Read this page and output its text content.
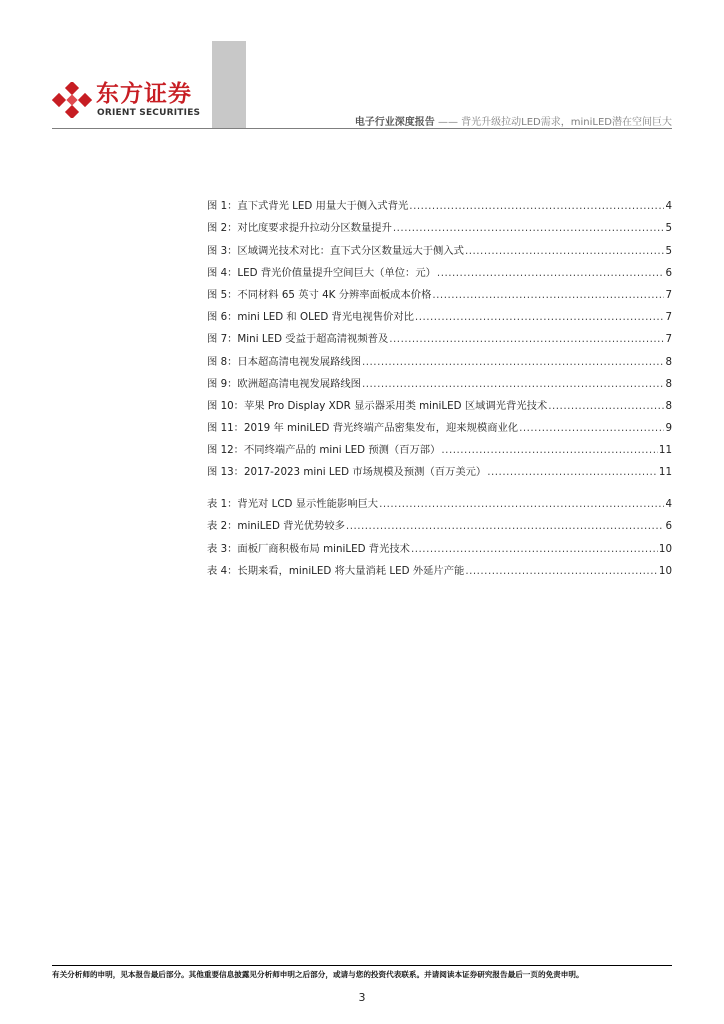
东方证券
ORIENT SECURITIES
电子行业深度报告 —— 背光升级拉动LED需求，miniLED潜在空间巨大
图 1：直下式背光 LED 用量大于侧入式背光 .....	4
图 2：对比度要求提升拉动分区数量提升 .....	5
图 3：区域调光技术对比：直下式分区数量远大于侧入式 .....	5
图 4：LED 背光价值量提升空间巨大（单位：元） .....	6
图 5：不同材料 65 英寸 4K 分辨率面板成本价格 .....	7
图 6：mini LED 和 OLED 背光电视售价对比 .....	7
图 7：Mini LED 受益于超高清视频普及 .....	7
图 8：日本超高清电视发展路线图 .....	8
图 9：欧洲超高清电视发展路线图 .....	8
图 10：苹果 Pro Display XDR 显示器采用类 miniLED 区域调光背光技术 .....	8
图 11：2019 年 miniLED 背光终端产品密集发布，迎来规模商业化 .....	9
图 12：不同终端产品的 mini LED 预测（百万部） .....	11
图 13：2017-2023 mini LED 市场规模及预测（百万美元） .....	11
表 1：背光对 LCD 显示性能影响巨大 .....	4
表 2：miniLED 背光优势较多 .....	6
表 3：面板厂商积极布局 miniLED 背光技术 .....	10
表 4：长期来看，miniLED 将大量消耗 LED 外延片产能 .....	10
有关分析师的申明，见本报告最后部分。其他重要信息披露见分析师申明之后部分，或请与您的投资代表联系。并请阅读本证券研究报告最后一页的免责申明。
3
